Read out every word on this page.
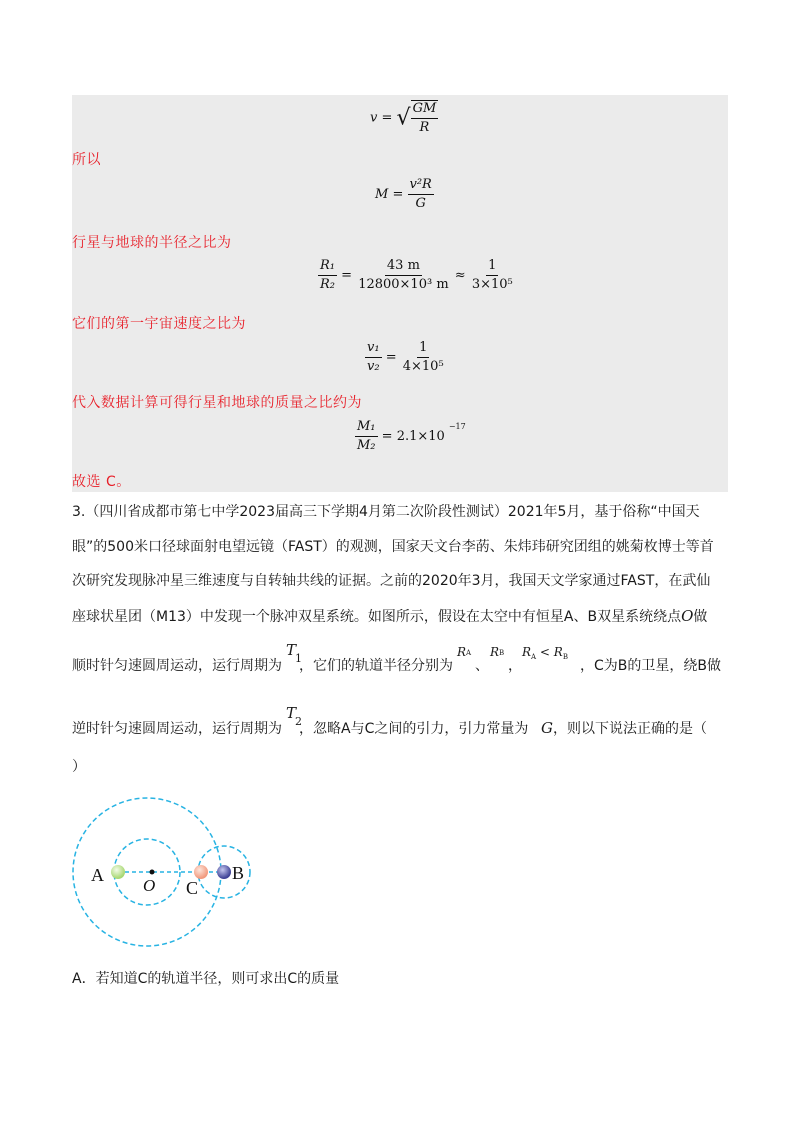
v = √ $\frac{GM}{R}$
所以
$M = \frac{\text{v²R}}{G}$
行星与地球的半径之比为
$\frac{\text{R₁}}{\text{R₂}} = \frac{43 m}{\text{12800×10³ m}} \approx \frac{1}{\text{3×10⁵}}$
它们的第一宇宙速度之比为
$\frac{\text{v₁}}{\text{v₂}} = \frac{1}{\text{4×10⁵}}$
代入数据计算可得行星和地球的质量之比约为
$\frac{\text{M₁}}{\text{M₂}} = 2.1\times 10^{-17}$
故选 C。
3.（四川省成都市第七中学2023届高三下学期4月第二次阶段性测试）2021年5月，基于俗称“中国天
眼”的500米口径球面射电望远镜（FAST）的观测，国家天文台李菂、朱炜玮研究团组的姚菊枚博士等首
次研究发现脉冲星三维速度与自转轴共线的证据。之前的2020年3月，我国天文学家通过FAST，在武仙
座球状星团（M13）中发现一个脉冲双星系统。如图所示，假设在太空中有恒星A、B双星系统绕点O做
顺时针匀速圆周运动，运行周期为
T
1
，它们的轨道半径分别为
R A
、
R B
，
RA < RB
，C为B的卫星，绕B做
逆时针匀速圆周运动，运行周期为
T
2
，忽略A与C之间的引力，引力常量为 G ，则以下说法正确的是（
）
A
O C
B
A．若知道C的轨道半径，则可求出C的质量
